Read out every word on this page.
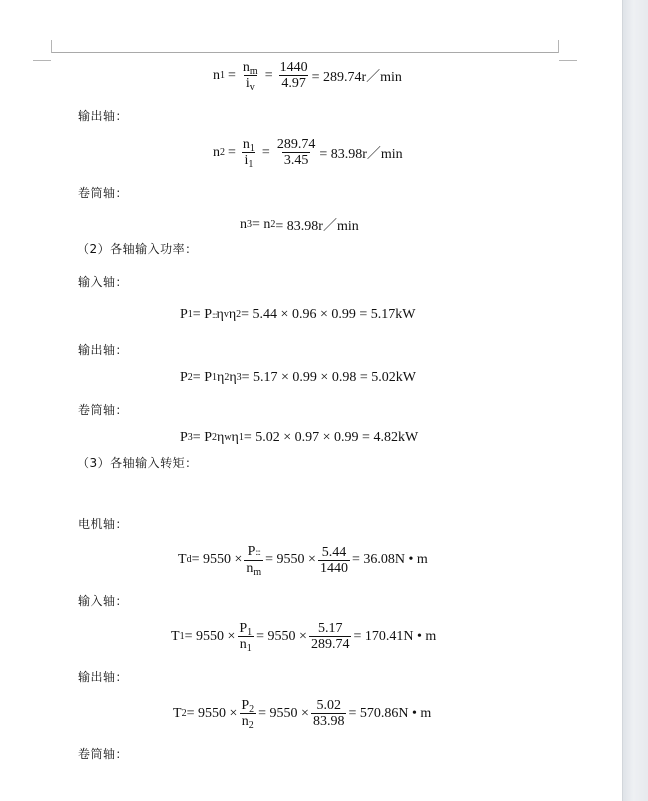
n $1 = \frac{n_m}{i_v} = \frac{1440}{4.97}$ = 289.74r／min
输出轴：
n $2 = \frac{n_1}{i_1} = \frac{289.74}{3.45}$ = 83.98r／min
卷筒轴：
n 3 = n 2 = 83.98r／min
（2）各轴输入功率：
输入轴：
P 1 = P ::: η v η 2 = 5.44 × 0.96 × 0.99 = 5.17kW
输出轴：
P 2 = P 1 η 2 η 3 = 5.17 × 0.99 × 0.98 = 5.02kW
卷筒轴：
P 3 = P 2 η w η 1 = 5.02 × 0.97 × 0.99 = 4.82kW
（3）各轴输入转矩：
电机轴：
T $d = 9550 \times \frac{P:::}{n_m} = 9550 \times \frac{5.44}{1440} = 36.08N$ • m
输入轴：
T $1 = 9550 \times \frac{P_1}{n_1} = 9550 \times \frac{5.17}{289.74} = 170.41N$ • m
输出轴：
T $2 = 9550 \times \frac{P_2}{n_2} = 9550 \times \frac{5.02}{83.98} = 570.86N$ • m
卷筒轴：
